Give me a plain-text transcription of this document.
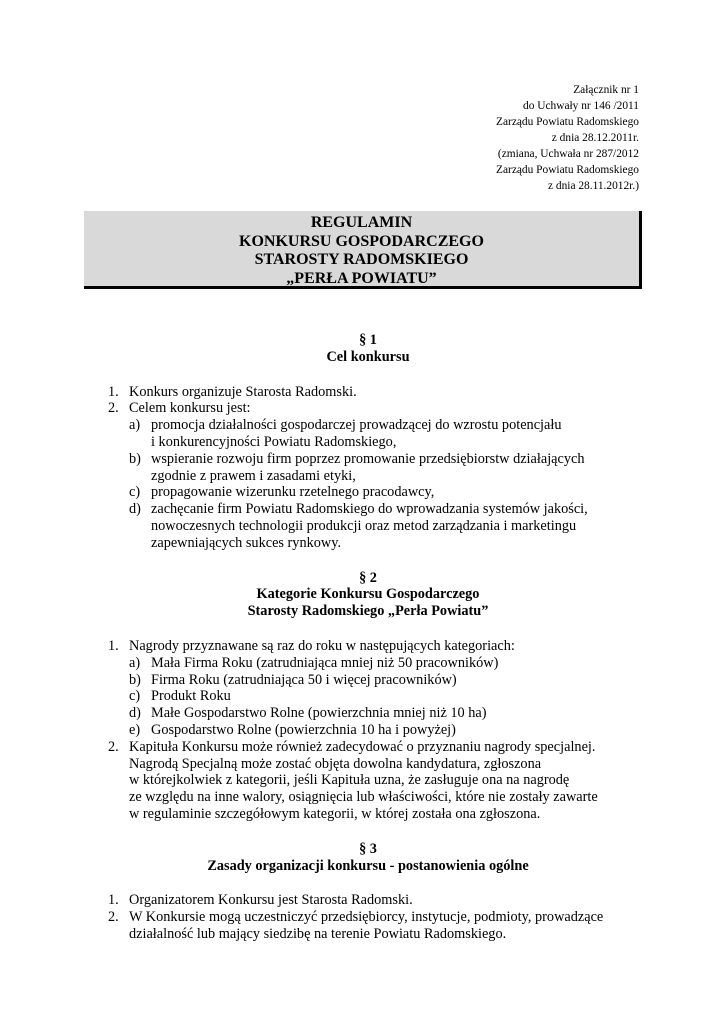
Załącznik nr 1
do Uchwały nr 146 /2011
Zarządu Powiatu Radomskiego
z dnia 28.12.2011r.
(zmiana, Uchwała nr 287/2012
Zarządu Powiatu Radomskiego
z dnia 28.11.2012r.)
REGULAMIN
KONKURSU GOSPODARCZEGO
STAROSTY RADOMSKIEGO
„PERŁA POWIATU”
§ 1
Cel konkursu
1. Konkurs organizuje Starosta Radomski.
2. Celem konkursu jest:
a) promocja działalności gospodarczej prowadzącej do wzrostu potencjału
i konkurencyjności Powiatu Radomskiego,
b) wspieranie rozwoju firm poprzez promowanie przedsiębiorstw działających
zgodnie z prawem i zasadami etyki,
c) propagowanie wizerunku rzetelnego pracodawcy,
d) zachęcanie firm Powiatu Radomskiego do wprowadzania systemów jakości,
nowoczesnych technologii produkcji oraz metod zarządzania i marketingu
zapewniających sukces rynkowy.
§ 2
Kategorie Konkursu Gospodarczego
Starosty Radomskiego „Perła Powiatu”
1. Nagrody przyznawane są raz do roku w następujących kategoriach:
a) Mała Firma Roku (zatrudniająca mniej niż 50 pracowników)
b) Firma Roku (zatrudniająca 50 i więcej pracowników)
c) Produkt Roku
d) Małe Gospodarstwo Rolne (powierzchnia mniej niż 10 ha)
e) Gospodarstwo Rolne (powierzchnia 10 ha i powyżej)
2. Kapituła Konkursu może również zadecydować o przyznaniu nagrody specjalnej.
Nagrodą Specjalną może zostać objęta dowolna kandydatura, zgłoszona
w którejkolwiek z kategorii, jeśli Kapituła uzna, że zasługuje ona na nagrodę
ze względu na inne walory, osiągnięcia lub właściwości, które nie zostały zawarte
w regulaminie szczegółowym kategorii, w której została ona zgłoszona.
§ 3
Zasady organizacji konkursu - postanowienia ogólne
1. Organizatorem Konkursu jest Starosta Radomski.
2. W Konkursie mogą uczestniczyć przedsiębiorcy, instytucje, podmioty, prowadzące
działalność lub mający siedzibę na terenie Powiatu Radomskiego.
